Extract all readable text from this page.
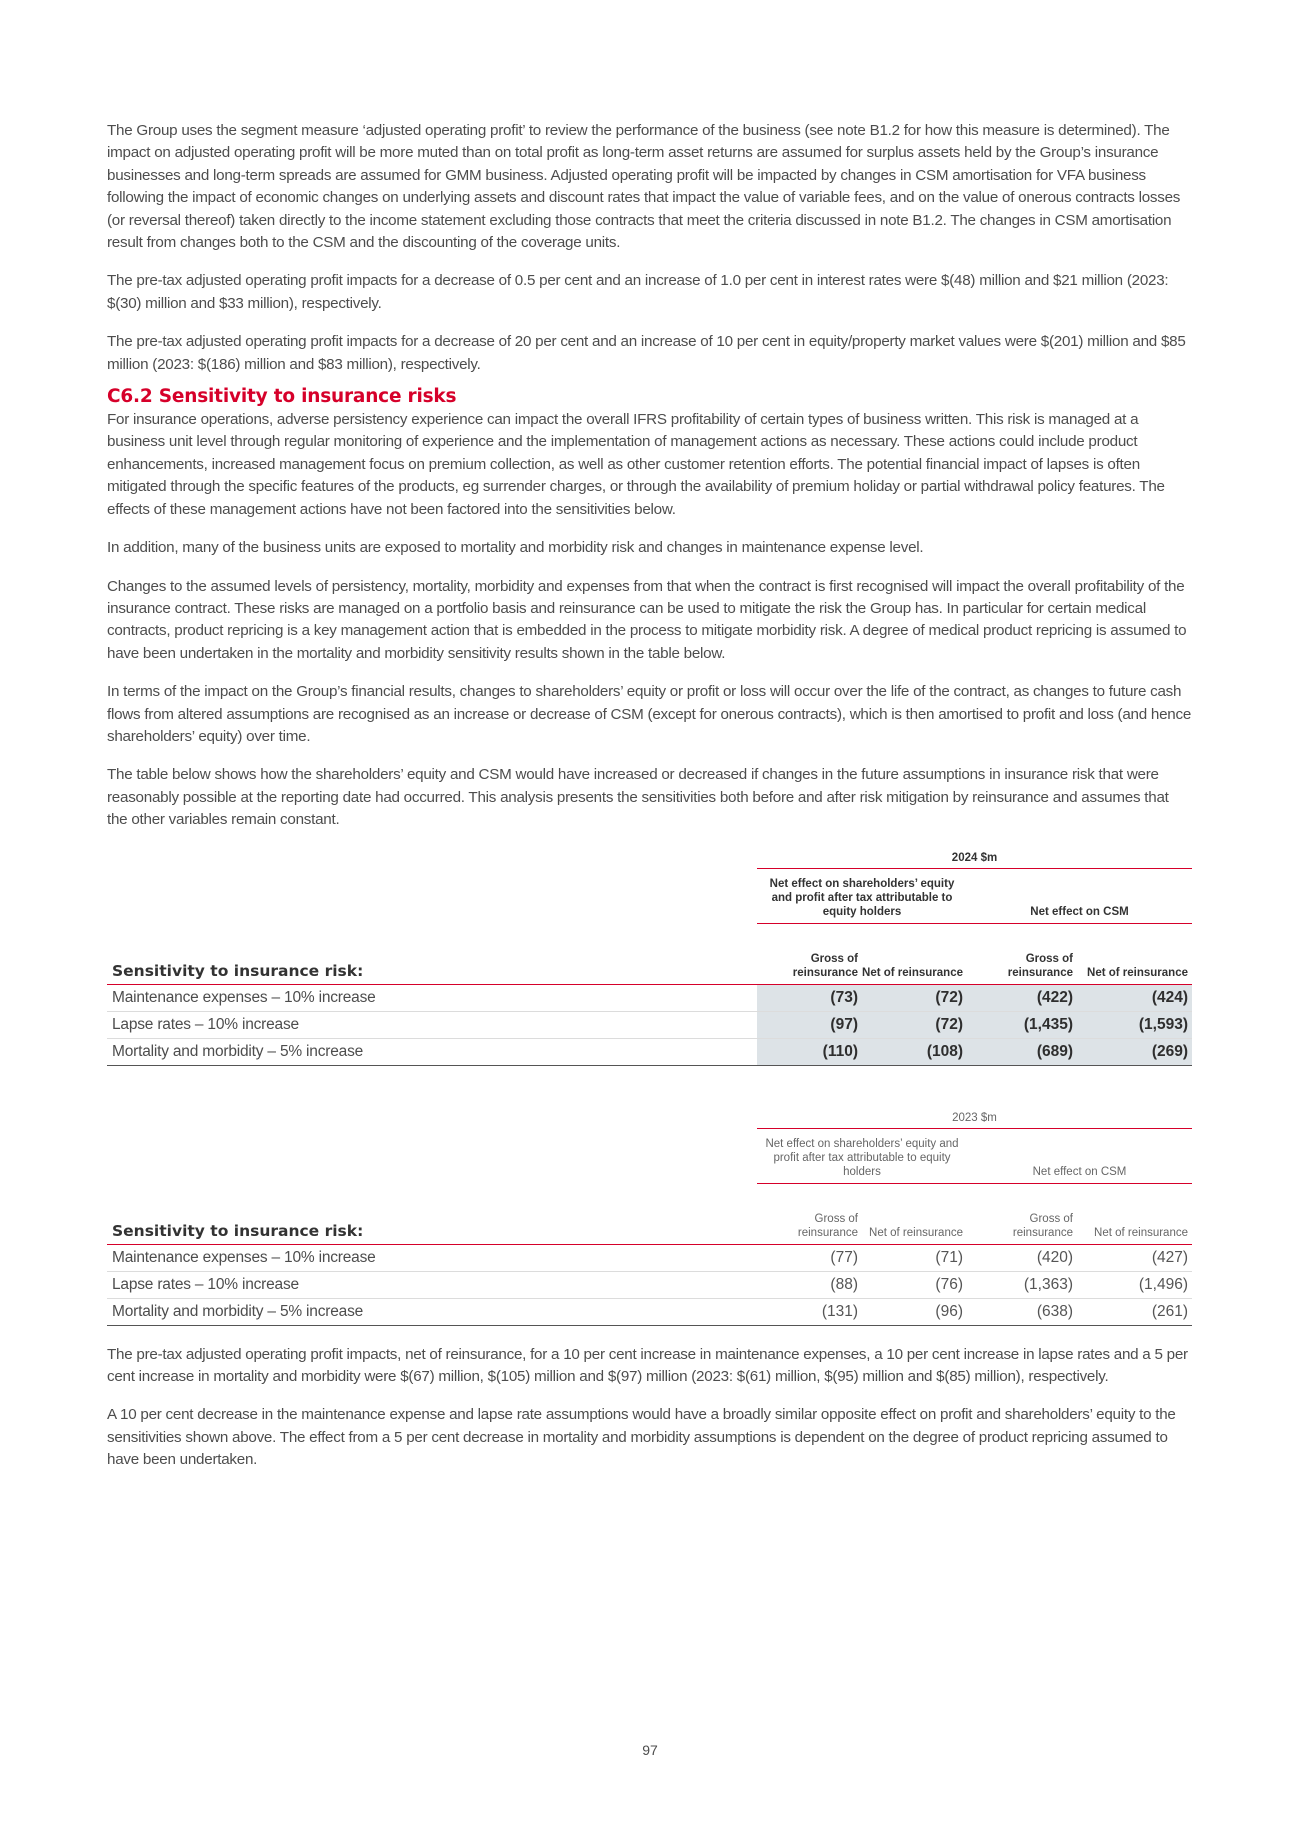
The Group uses the segment measure ‘adjusted operating profit’ to review the performance of the business (see note B1.2 for how this measure is determined). The impact on adjusted operating profit will be more muted than on total profit as long-term asset returns are assumed for surplus assets held by the Group’s insurance businesses and long-term spreads are assumed for GMM business. Adjusted operating profit will be impacted by changes in CSM amortisation for VFA business following the impact of economic changes on underlying assets and discount rates that impact the value of variable fees, and on the value of onerous contracts losses (or reversal thereof) taken directly to the income statement excluding those contracts that meet the criteria discussed in note B1.2. The changes in CSM amortisation result from changes both to the CSM and the discounting of the coverage units.

The pre-tax adjusted operating profit impacts for a decrease of 0.5 per cent and an increase of 1.0 per cent in interest rates were $(48) million and $21 million (2023: $(30) million and $33 million), respectively.

The pre-tax adjusted operating profit impacts for a decrease of 20 per cent and an increase of 10 per cent in equity/property market values were $(201) million and $85 million (2023: $(186) million and $83 million), respectively.

C6.2 Sensitivity to insurance risks

For insurance operations, adverse persistency experience can impact the overall IFRS profitability of certain types of business written. This risk is managed at a business unit level through regular monitoring of experience and the implementation of management actions as necessary. These actions could include product enhancements, increased management focus on premium collection, as well as other customer retention efforts. The potential financial impact of lapses is often mitigated through the specific features of the products, eg surrender charges, or through the availability of premium holiday or partial withdrawal policy features. The effects of these management actions have not been factored into the sensitivities below.

In addition, many of the business units are exposed to mortality and morbidity risk and changes in maintenance expense level.

Changes to the assumed levels of persistency, mortality, morbidity and expenses from that when the contract is first recognised will impact the overall profitability of the insurance contract. These risks are managed on a portfolio basis and reinsurance can be used to mitigate the risk the Group has. In particular for certain medical contracts, product repricing is a key management action that is embedded in the process to mitigate morbidity risk. A degree of medical product repricing is assumed to have been undertaken in the mortality and morbidity sensitivity results shown in the table below.

In terms of the impact on the Group’s financial results, changes to shareholders’ equity or profit or loss will occur over the life of the contract, as changes to future cash flows from altered assumptions are recognised as an increase or decrease of CSM (except for onerous contracts), which is then amortised to profit and loss (and hence shareholders’ equity) over time.

The table below shows how the shareholders’ equity and CSM would have increased or decreased if changes in the future assumptions in insurance risk that were reasonably possible at the reporting date had occurred. This analysis presents the sensitivities both before and after risk mitigation by reinsurance and assumes that the other variables remain constant.

	2024 $m			
	Net effect on shareholders’ equity and profit after tax attributable to equity holders		Net effect on CSM	
Sensitivity to insurance risk:	Gross of reinsurance	Net of reinsurance	Gross of reinsurance	Net of reinsurance
Maintenance expenses – 10% increase	(73)	(72)	(422)	(424)
Lapse rates – 10% increase	(97)	(72)	(1,435)	(1,593)
Mortality and morbidity – 5% increase	(110)	(108)	(689)	(269)
	2023 $m			
	Net effect on shareholders’ equity and profit after tax attributable to equity holders		Net effect on CSM	
Sensitivity to insurance risk:	Gross of reinsurance	Net of reinsurance	Gross of reinsurance	Net of reinsurance
Maintenance expenses – 10% increase	(77)	(71)	(420)	(427)
Lapse rates – 10% increase	(88)	(76)	(1,363)	(1,496)
Mortality and morbidity – 5% increase	(131)	(96)	(638)	(261)

The pre-tax adjusted operating profit impacts, net of reinsurance, for a 10 per cent increase in maintenance expenses, a 10 per cent increase in lapse rates and a 5 per cent increase in mortality and morbidity were $(67) million, $(105) million and $(97) million (2023: $(61) million, $(95) million and $(85) million), respectively.

A 10 per cent decrease in the maintenance expense and lapse rate assumptions would have a broadly similar opposite effect on profit and shareholders’ equity to the sensitivities shown above. The effect from a 5 per cent decrease in mortality and morbidity assumptions is dependent on the degree of product repricing assumed to have been undertaken.

97
